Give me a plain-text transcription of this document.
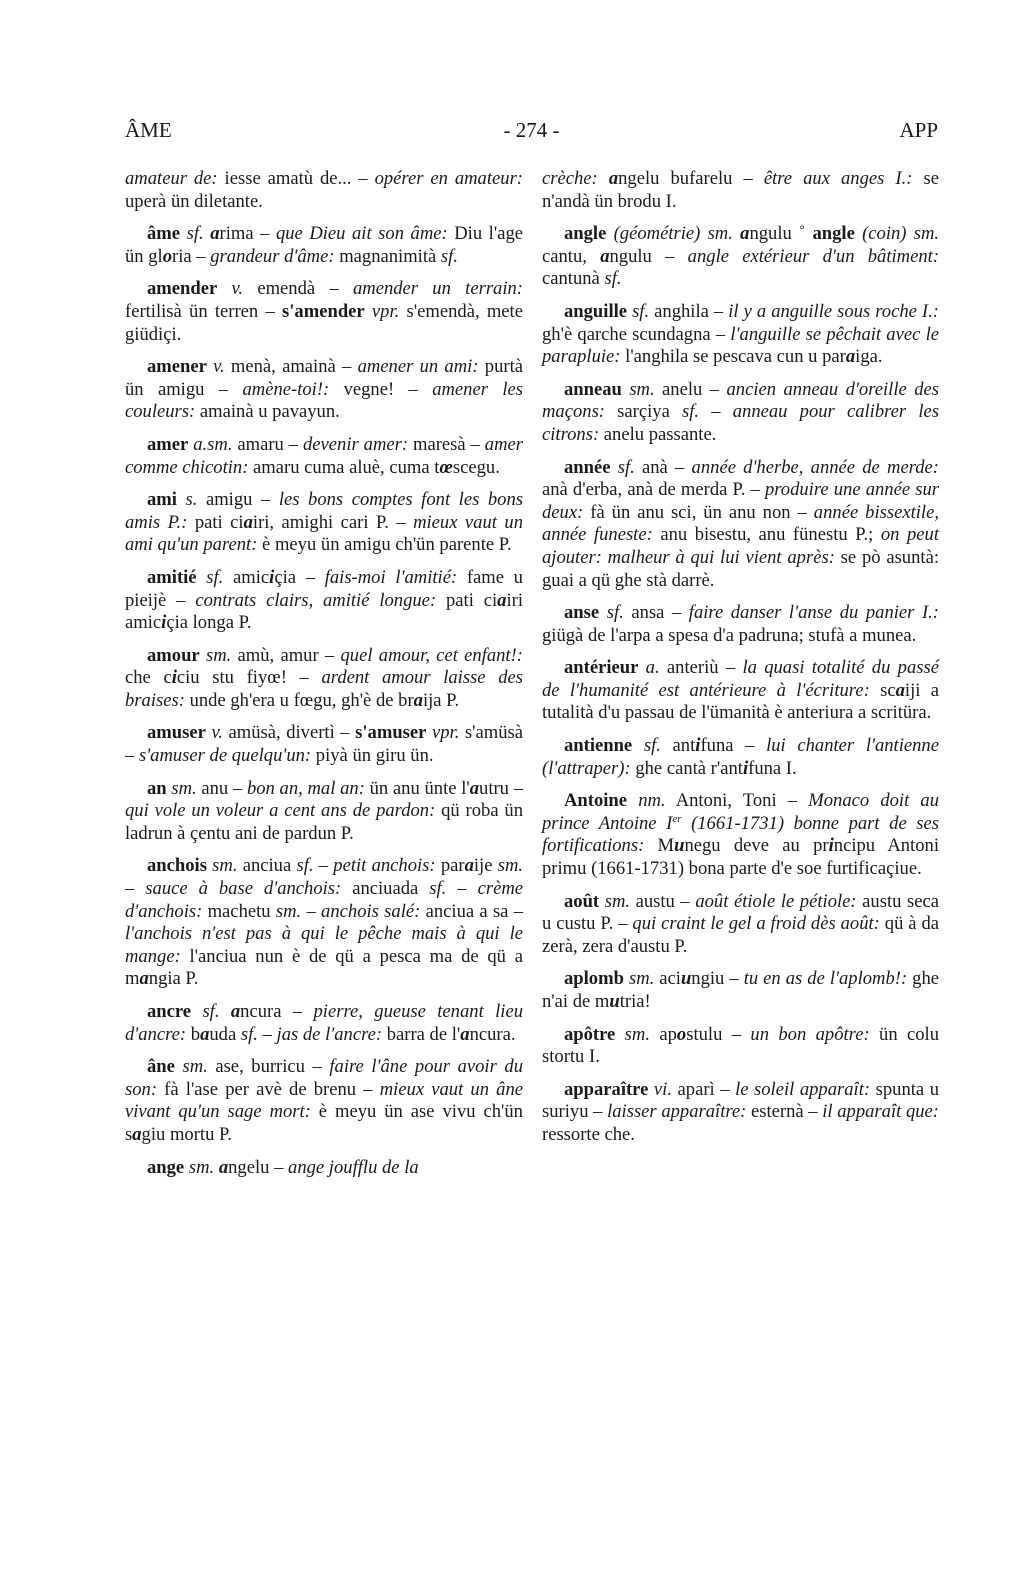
ÂME	- 274 -	APP

amateur de: iesse amatù de... – opérer en amateur: uperà ün diletante.

âme sf. arima – que Dieu ait son âme: Diu l'age ün gloria – grandeur d'âme: magnanimità sf.

amender v. emendà – amender un terrain: fertilisà ün terren – s'amender vpr. s'emendà, mete giüdiçi.

amener v. menà, amainà – amener un ami: purtà ün amigu – amène-toi!: vegne! – amener les couleurs: amainà u pavayun.

amer a.sm. amaru – devenir amer: maresà – amer comme chicotin: amaru cuma aluè, cuma tœscegu.

ami s. amigu – les bons comptes font les bons amis P.: pati ciairi, amighi cari P. – mieux vaut un ami qu'un parent: è meyu ün amigu ch'ün parente P.

amitié sf. amiciçia – fais-moi l'amitié: fame u pieijè – contrats clairs, amitié longue: pati ciairi amiciçia longa P.

amour sm. amù, amur – quel amour, cet enfant!: che ciciu stu fiyœ! – ardent amour laisse des braises: unde gh'era u fœgu, gh'è de braija P.

amuser v. amüsà, divertì – s'amuser vpr. s'amüsà – s'amuser de quelqu'un: piyà ün giru ün.

an sm. anu – bon an, mal an: ün anu ünte l'autru – qui vole un voleur a cent ans de pardon: qü roba ün ladrun à çentu ani de pardun P.

anchois sm. anciua sf. – petit anchois: paraije sm. – sauce à base d'anchois: anciuada sf. – crème d'anchois: machetu sm. – anchois salé: anciua a sa – l'anchois n'est pas à qui le pêche mais à qui le mange: l'anciua nun è de qü a pesca ma de qü a mangia P.

ancre sf. ancura – pierre, gueuse tenant lieu d'ancre: bauda sf. – jas de l'ancre: barra de l'ancura.

âne sm. ase, burricu – faire l'âne pour avoir du son: fà l'ase per avè de brenu – mieux vaut un âne vivant qu'un sage mort: è meyu ün ase vivu ch'ün sagiu mortu P.

ange sm. angelu – ange joufflu de la

crèche: angelu bufarelu – être aux anges I.: se n'andà ün brodu I.

angle (géométrie) sm. angulu ˚ angle (coin) sm. cantu, angulu – angle extérieur d'un bâtiment: cantunà sf.

anguille sf. anghila – il y a anguille sous roche I.: gh'è qarche scundagna – l'anguille se pêchait avec le parapluie: l'anghila se pescava cun u paraiga.

anneau sm. anelu – ancien anneau d'oreille des maçons: sarçiya sf. – anneau pour calibrer les citrons: anelu passante.

année sf. anà – année d'herbe, année de merde: anà d'erba, anà de merda P. – produire une année sur deux: fà ün anu sci, ün anu non – année bissextile, année funeste: anu bisestu, anu fünestu P.; on peut ajouter: malheur à qui lui vient après: se pò asuntà: guai a qü ghe stà darrè.

anse sf. ansa – faire danser l'anse du panier I.: giügà de l'arpa a spesa d'a padruna; stufà a munea.

antérieur a. anteriù – la quasi totalité du passé de l'humanité est antérieure à l'écriture: scaiji a tutalità d'u passau de l'ümanità è anteriura a scritüra.

antienne sf. antifuna – lui chanter l'antienne (l'attraper): ghe cantà r'antifuna I.

Antoine nm. Antoni, Toni – Monaco doit au prince Antoine Ier (1661-1731) bonne part de ses fortifications: Munegu deve au principu Antoni primu (1661-1731) bona parte d'e soe furtificaçiue.

août sm. austu – août étiole le pétiole: austu seca u custu P. – qui craint le gel a froid dès août: qü à da zerà, zera d'austu P.

aplomb sm. aciungiu – tu en as de l'aplomb!: ghe n'ai de mutria!

apôtre sm. apostulu – un bon apôtre: ün colu stortu I.

apparaître vi. aparì – le soleil apparaît: spunta u suriyu – laisser apparaître: esternà – il apparaît que: ressorte che.
